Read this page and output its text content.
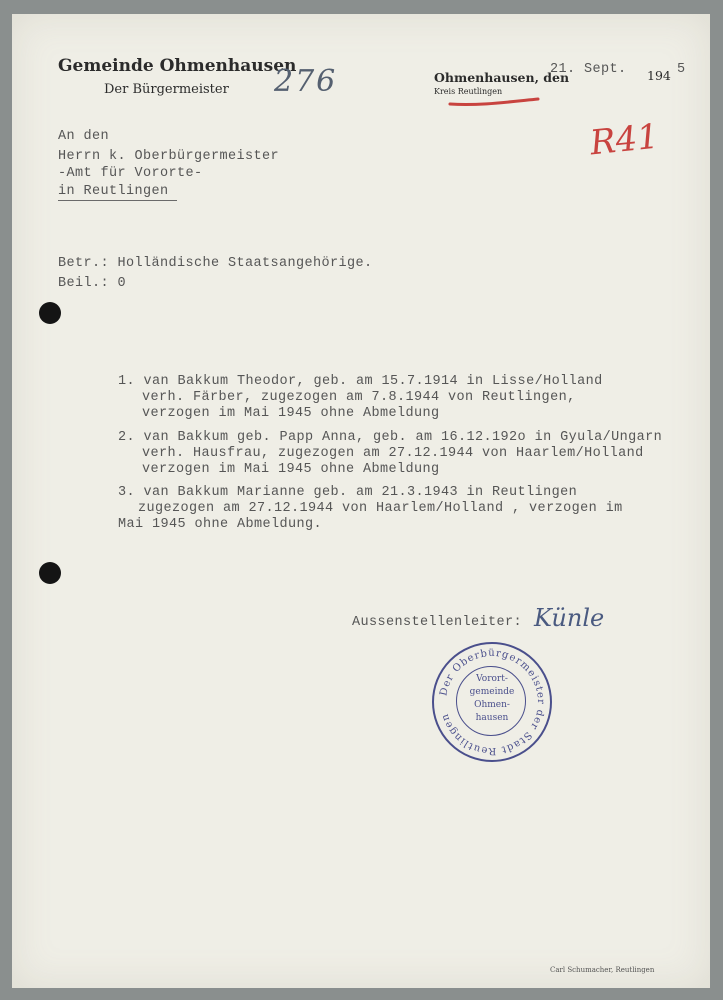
Gemeinde Ohmenhausen
Der Bürgermeister 276	Ohmenhausen, den
Kreis Reutlingen
21. Sept. 194 5
R41
An den
Herrn k. Oberbürgermeister
-Amt für Vororte-
in Reutlingen
Betr.: Holländische Staatsangehörige.
Beil.: 0
1. van Bakkum Theodor, geb. am 15.7.1914 in Lisse/Holland
verh. Färber, zugezogen am 7.8.1944 von Reutlingen,
verzogen im Mai 1945 ohne Abmeldung
2. van Bakkum geb. Papp Anna, geb. am 16.12.192o in Gyula/Ungarn
verh. Hausfrau, zugezogen am 27.12.1944 von Haarlem/Holland
verzogen im Mai 1945 ohne Abmeldung
3. van Bakkum Marianne geb. am 21.3.1943 in Reutlingen
zugezogen am 27.12.1944 von Haarlem/Holland , verzogen im
Mai 1945 ohne Abmeldung.
Aussenstellenleiter: Künle
Der Oberbürgermeister der Stadt Reutlingen
Vorort-
gemeinde
Ohmen-
hausen
Carl Schumacher, Reutlingen
